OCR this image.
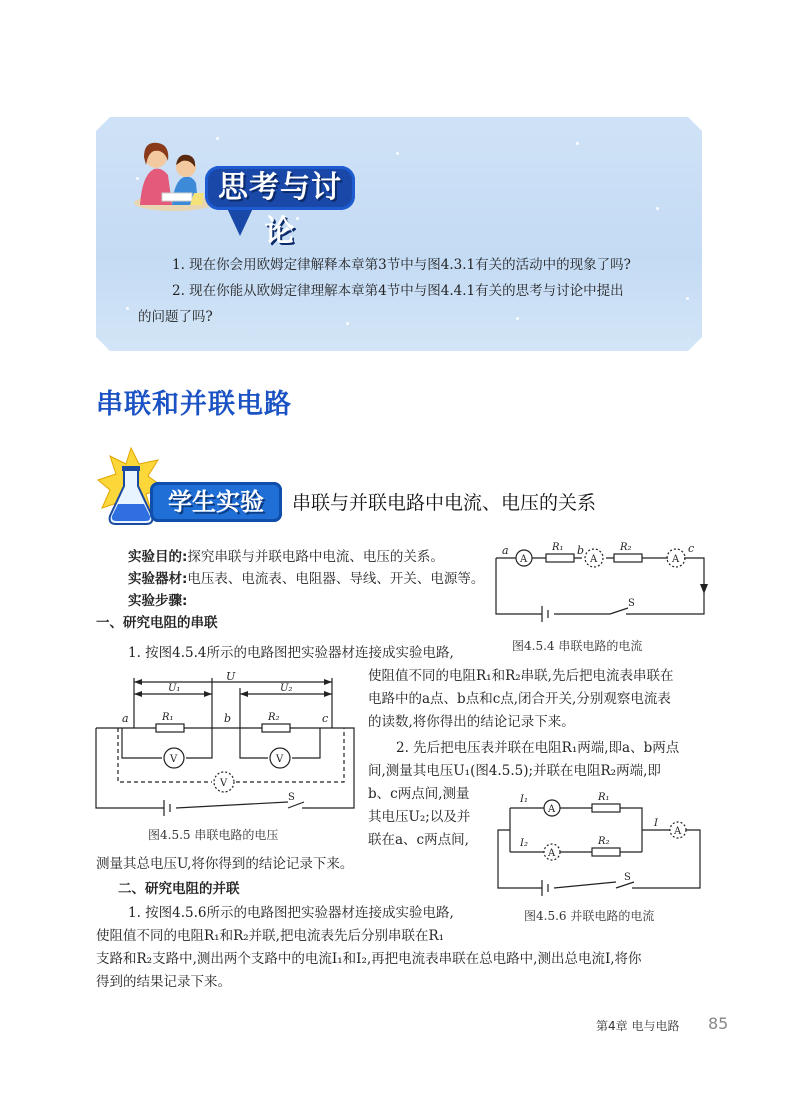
思考与讨论
1. 现在你会用欧姆定律解释本章第3节中与图4.3.1有关的活动中的现象了吗?
2. 现在你能从欧姆定律理解本章第4节中与图4.4.1有关的思考与讨论中提出
的问题了吗?
串联和并联电路
学生实验	串联与并联电路中电流、电压的关系
实验目的:探究串联与并联电路中电流、电压的关系。
实验器材:电压表、电流表、电阻器、导线、开关、电源等。
实验步骤:
一、研究电阻的串联
1. 按图4.5.4所示的电路图把实验器材连接成实验电路,
使阻值不同的电阻R₁和R₂串联,先后把电流表串联在
电路中的a点、b点和c点,闭合开关,分别观察电流表
的读数,将你得出的结论记录下来。
2. 先后把电压表并联在电阻R₁两端,即a、b两点
间,测量其电压U₁(图4.5.5);并联在电阻R₂两端,即
b、c两点间,测量
其电压U₂;以及并
联在a、c两点间,
测量其总电压U,将你得到的结论记录下来。
二、研究电阻的并联
1. 按图4.5.6所示的电路图把实验器材连接成实验电路,
使阻值不同的电阻R₁和R₂并联,把电流表先后分别串联在R₁
支路和R₂支路中,测出两个支路中的电流I₁和I₂,再把电流表串联在总电路中,测出总电流I,将你
得到的结果记录下来。
A
R₁
A
R₂
A
a	b	c
S
图4.5.4 串联电路的电流
U
U₁	U₂
R₁	R₂
a	b	c
V	V
V
S
图4.5.5 串联电路的电压
A
A
A
R₁
R₂
I₁
I₂
I
S
图4.5.6 并联电路的电流
第4章 电与电路 85
